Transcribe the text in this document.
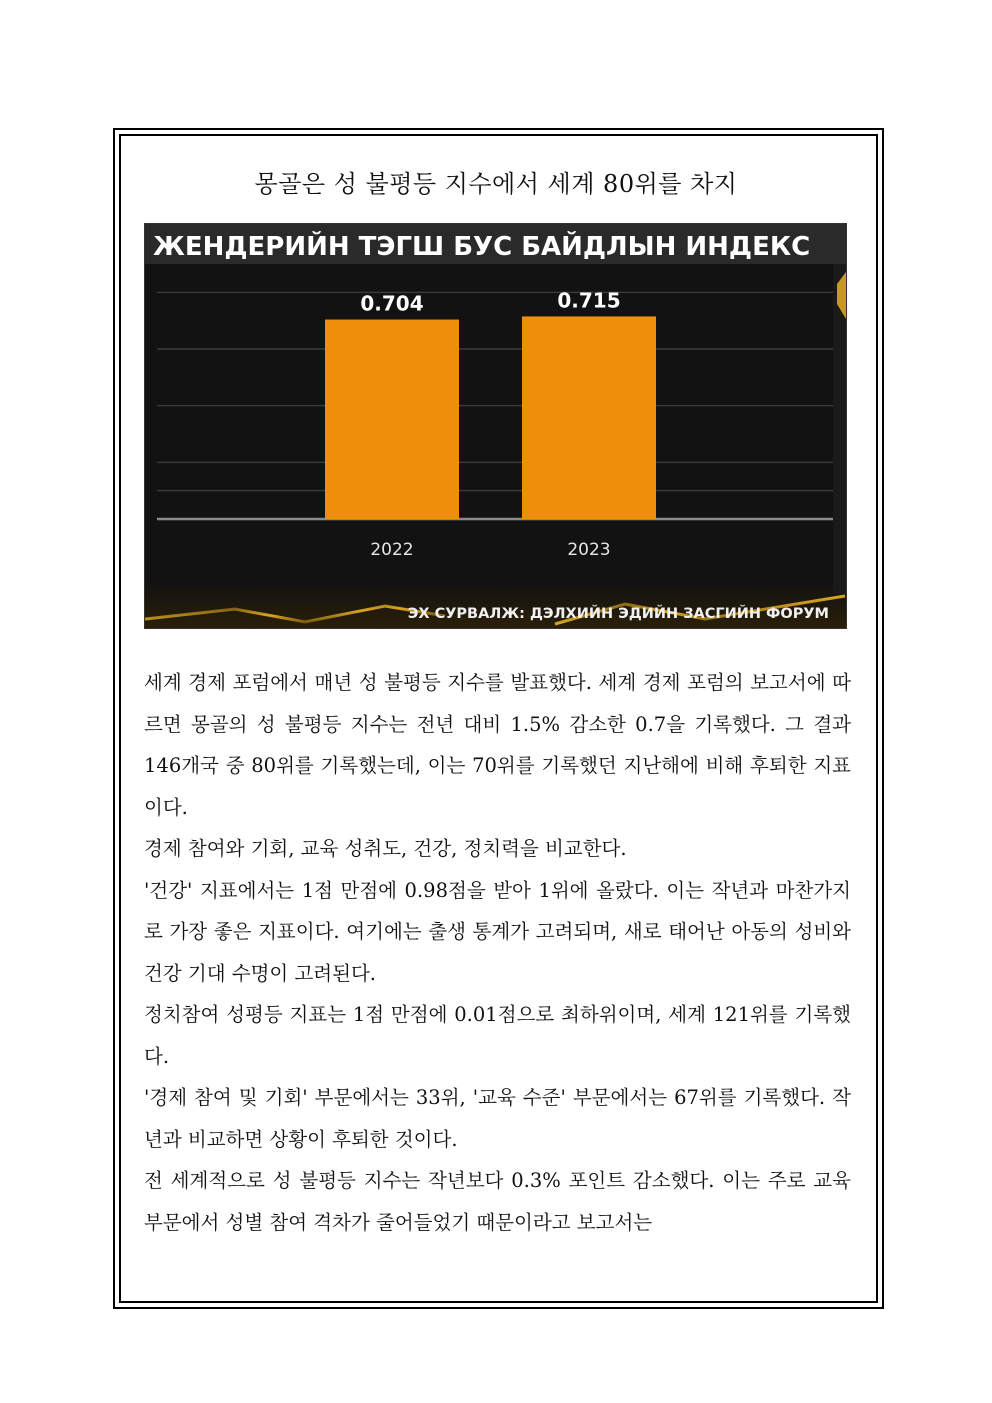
몽골은 성 불평등 지수에서 세계 80위를 차지
ЖЕНДЕРИЙН ТЭГШ БУС БАЙДЛЫН ИНДЕКС
0.704
2022
0.715
2023
ЭХ СУРВАЛЖ: ДЭЛХИЙН ЭДИЙН ЗАСГИЙН ФОРУМ

세계 경제 포럼에서 매년 성 불평등 지수를 발표했다. 세계 경제 포럼의 보고서에 따르면 몽골의 성 불평등 지수는 전년 대비 1.5% 감소한 0.7을 기록했다. 그 결과 146개국 중 80위를 기록했는데, 이는 70위를 기록했던 지난해에 비해 후퇴한 지표이다.

경제 참여와 기회, 교육 성취도, 건강, 정치력을 비교한다.

'건강' 지표에서는 1점 만점에 0.98점을 받아 1위에 올랐다. 이는 작년과 마찬가지로 가장 좋은 지표이다. 여기에는 출생 통계가 고려되며, 새로 태어난 아동의 성비와 건강 기대 수명이 고려된다.

정치참여 성평등 지표는 1점 만점에 0.01점으로 최하위이며, 세계 121위를 기록했다.

'경제 참여 및 기회' 부문에서는 33위, '교육 수준' 부문에서는 67위를 기록했다. 작년과 비교하면 상황이 후퇴한 것이다.

전 세계적으로 성 불평등 지수는 작년보다 0.3% 포인트 감소했다. 이는 주로 교육 부문에서 성별 참여 격차가 줄어들었기 때문이라고 보고서는
